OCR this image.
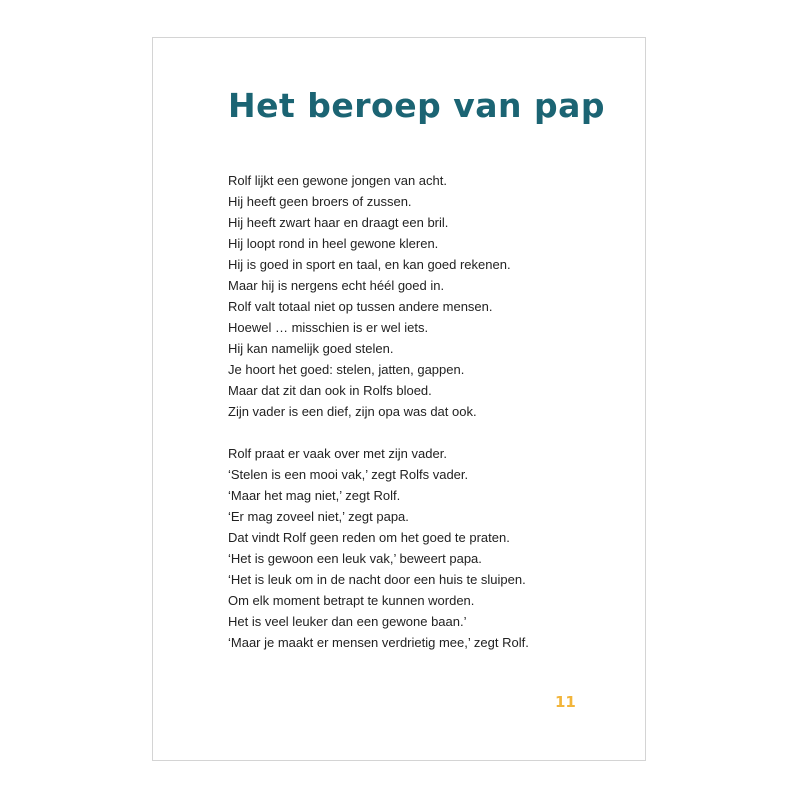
Het beroep van pap
Rolf lijkt een gewone jongen van acht.
Hij heeft geen broers of zussen.
Hij heeft zwart haar en draagt een bril.
Hij loopt rond in heel gewone kleren.
Hij is goed in sport en taal, en kan goed rekenen.
Maar hij is nergens echt héél goed in.
Rolf valt totaal niet op tussen andere mensen.
Hoewel … misschien is er wel iets.
Hij kan namelijk goed stelen.
Je hoort het goed: stelen, jatten, gappen.
Maar dat zit dan ook in Rolfs bloed.
Zijn vader is een dief, zijn opa was dat ook.
Rolf praat er vaak over met zijn vader.
‘Stelen is een mooi vak,’ zegt Rolfs vader.
‘Maar het mag niet,’ zegt Rolf.
‘Er mag zoveel niet,’ zegt papa.
Dat vindt Rolf geen reden om het goed te praten.
‘Het is gewoon een leuk vak,’ beweert papa.
‘Het is leuk om in de nacht door een huis te sluipen.
Om elk moment betrapt te kunnen worden.
Het is veel leuker dan een gewone baan.’
‘Maar je maakt er mensen verdrietig mee,’ zegt Rolf.
11
